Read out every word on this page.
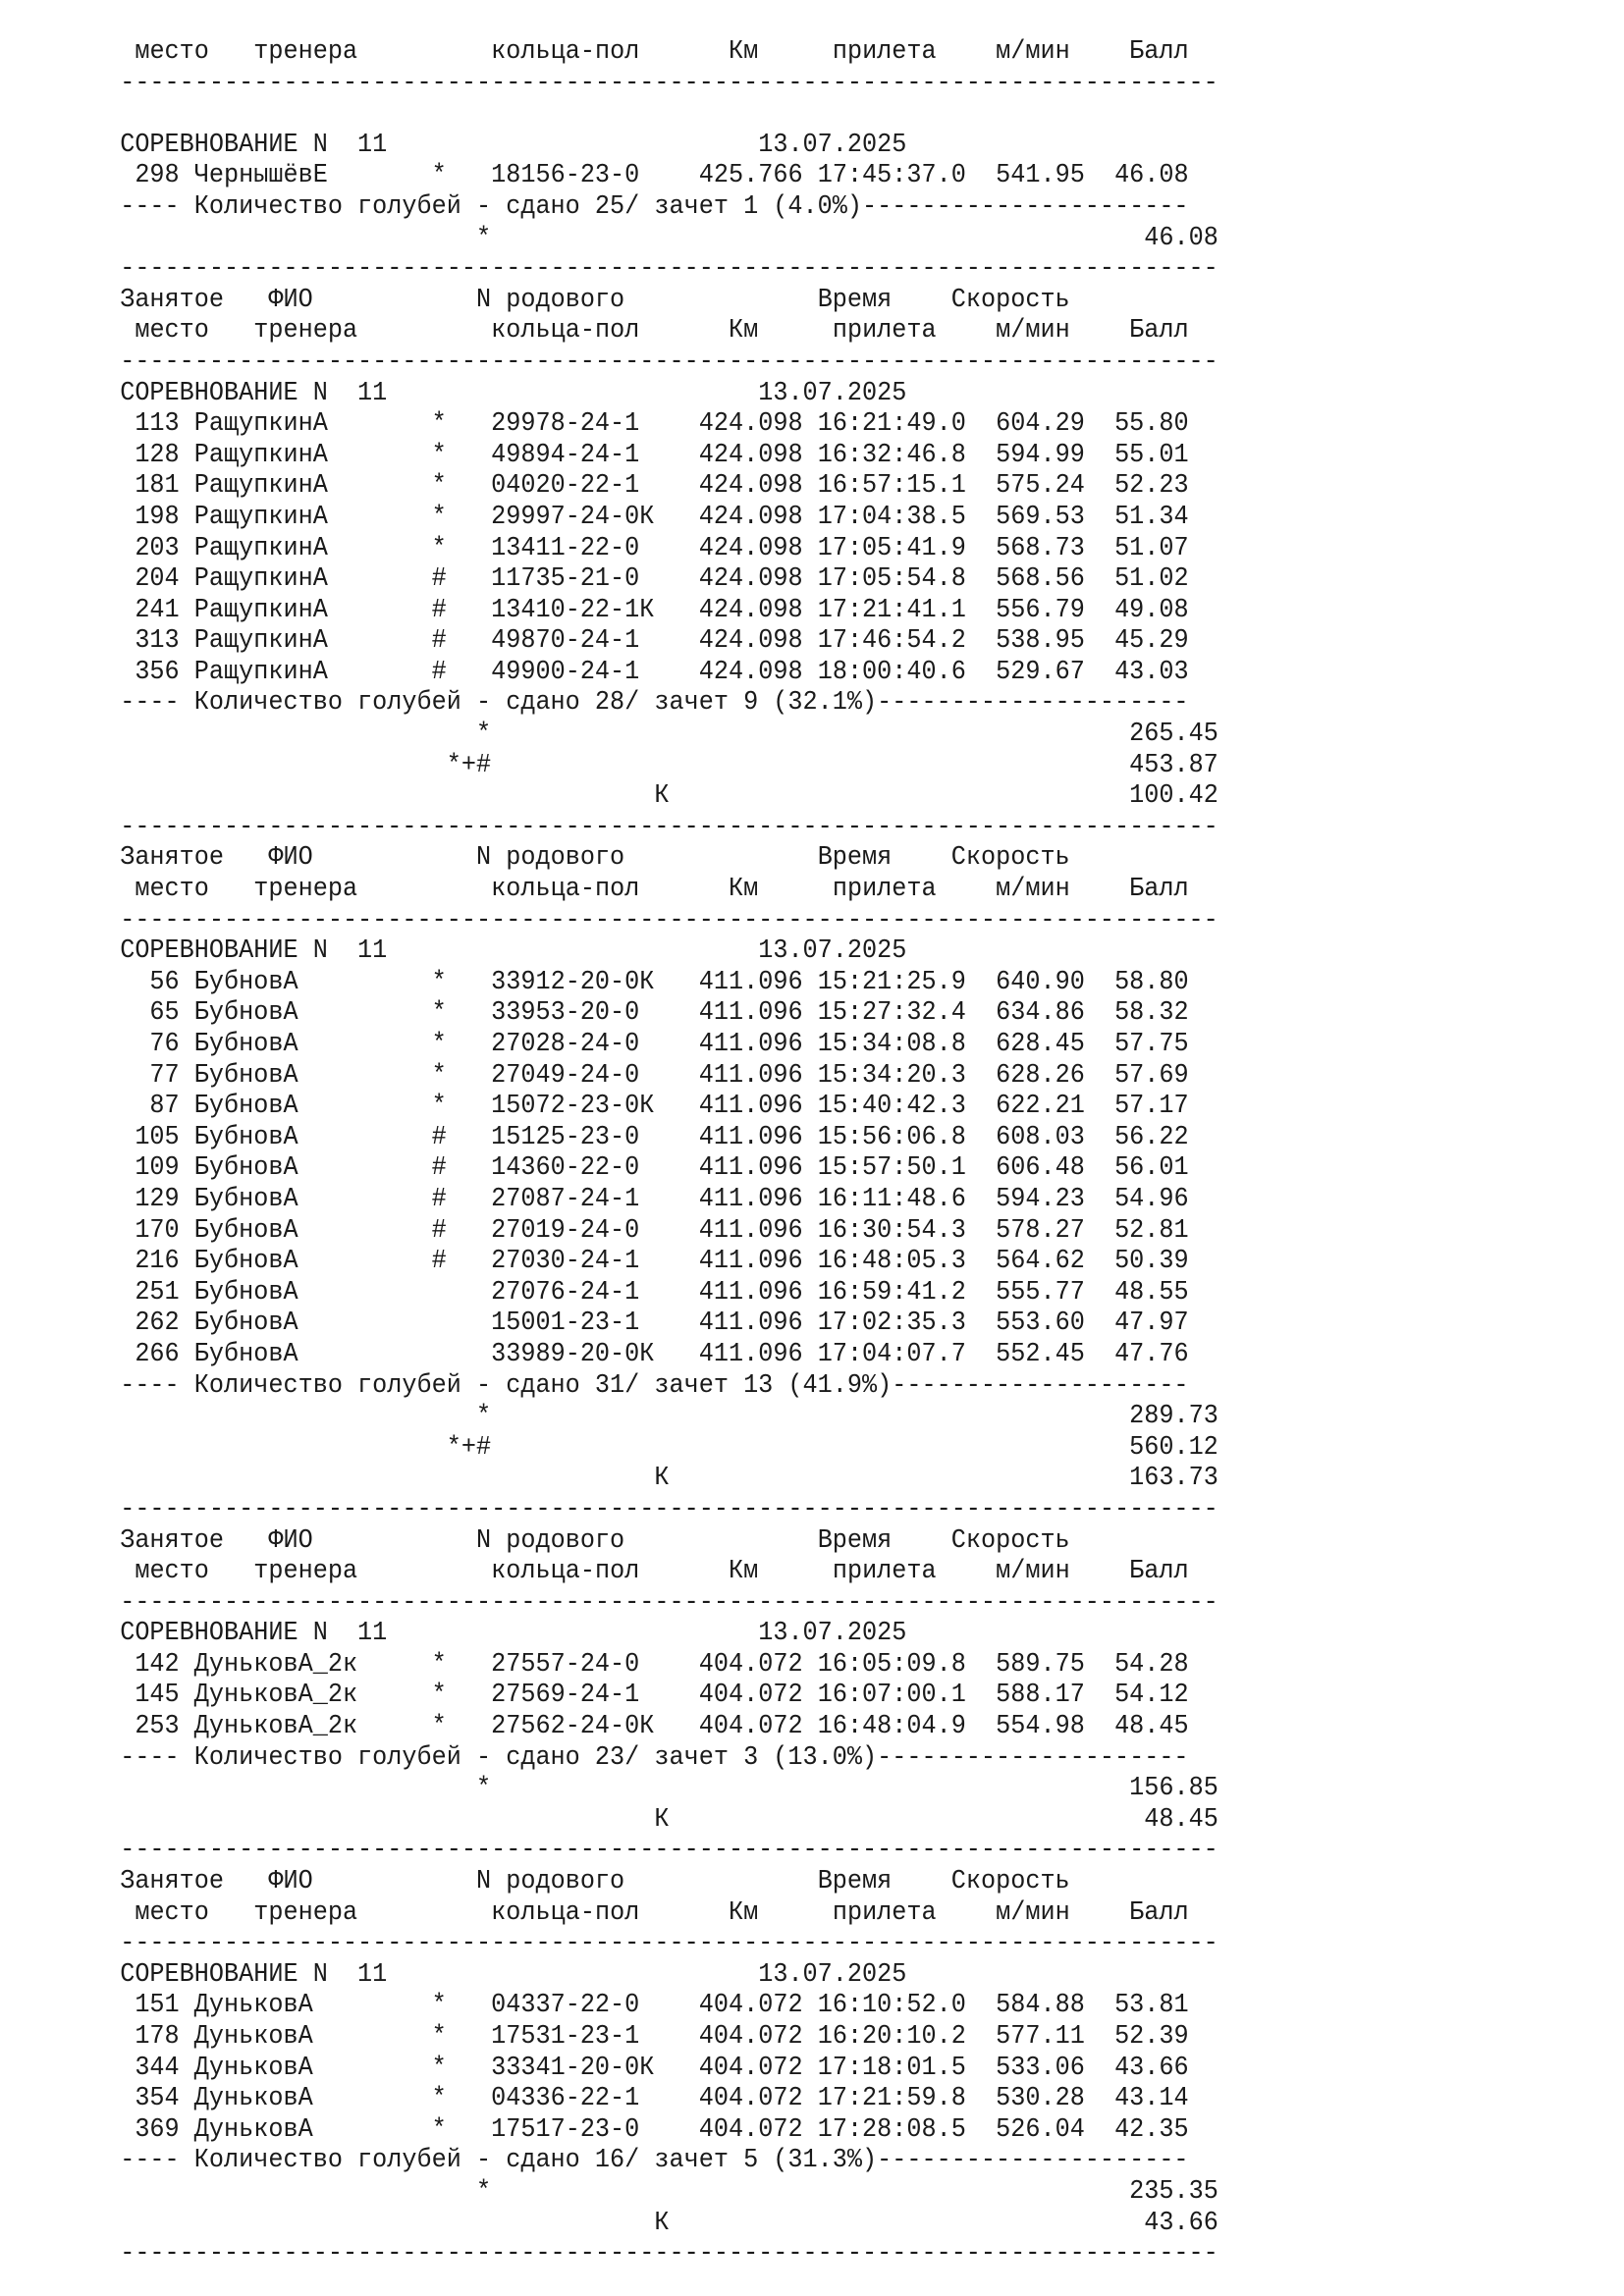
место тренера	кольца-пол	Км	прилета м/мин Балл
--------------------------------------------------------------------------
СОРЕВНОВАНИЕ N  11	13.07.2025
298 ЧернышёвЕ       *   18156-23-0    425.766 17:45:37.0 541.95 46.08
---- Количество голубей - сдано 25/ зачет 1 (4.0%)----------------------
*	46.08
--------------------------------------------------------------------------
Занятое ФИО	N родового	Время Скорость
место тренера	кольца-пол	Км	прилета м/мин Балл
--------------------------------------------------------------------------
СОРЕВНОВАНИЕ N  11	13.07.2025
113 РащупкинА       *   29978-24-1    424.098 16:21:49.0 604.29 55.80
128 РащупкинА       *   49894-24-1    424.098 16:32:46.8 594.99 55.01
181 РащупкинА       *   04020-22-1    424.098 16:57:15.1 575.24 52.23
198 РащупкинА       *   29997-24-0К   424.098 17:04:38.5 569.53 51.34
203 РащупкинА       *   13411-22-0    424.098 17:05:41.9 568.73 51.07
204 РащупкинА       #   11735-21-0    424.098 17:05:54.8 568.56 51.02
241 РащупкинА       #   13410-22-1К   424.098 17:21:41.1 556.79 49.08
313 РащупкинА       #   49870-24-1    424.098 17:46:54.2 538.95 45.29
356 РащупкинА       #   49900-24-1    424.098 18:00:40.6 529.67 43.03
---- Количество голубей - сдано 28/ зачет 9 (32.1%)---------------------
*	265.45
*+#	453.87
К	100.42
--------------------------------------------------------------------------
Занятое ФИО	N родового	Время Скорость
место тренера	кольца-пол	Км	прилета м/мин Балл
--------------------------------------------------------------------------
СОРЕВНОВАНИЕ N  11	13.07.2025
56 БубновА         *   33912-20-0К   411.096 15:21:25.9 640.90 58.80
65 БубновА         *   33953-20-0    411.096 15:27:32.4 634.86 58.32
76 БубновА         *   27028-24-0    411.096 15:34:08.8 628.45 57.75
77 БубновА         *   27049-24-0    411.096 15:34:20.3 628.26 57.69
87 БубновА         *   15072-23-0К   411.096 15:40:42.3 622.21 57.17
105 БубновА         #   15125-23-0    411.096 15:56:06.8 608.03 56.22
109 БубновА         #   14360-22-0    411.096 15:57:50.1 606.48 56.01
129 БубновА         #   27087-24-1    411.096 16:11:48.6 594.23 54.96
170 БубновА         #   27019-24-0    411.096 16:30:54.3 578.27 52.81
216 БубновА         #   27030-24-1    411.096 16:48:05.3 564.62 50.39
251 БубновА             27076-24-1    411.096 16:59:41.2 555.77 48.55
262 БубновА             15001-23-1    411.096 17:02:35.3 553.60 47.97
266 БубновА             33989-20-0К   411.096 17:04:07.7 552.45 47.76
---- Количество голубей - сдано 31/ зачет 13 (41.9%)--------------------
*	289.73
*+#	560.12
К	163.73
--------------------------------------------------------------------------
Занятое ФИО	N родового	Время Скорость
место тренера	кольца-пол	Км	прилета м/мин Балл
--------------------------------------------------------------------------
СОРЕВНОВАНИЕ N  11	13.07.2025
142 ДуньковА_2к     *   27557-24-0    404.072 16:05:09.8 589.75 54.28
145 ДуньковА_2к     *   27569-24-1    404.072 16:07:00.1 588.17 54.12
253 ДуньковА_2к     *   27562-24-0К   404.072 16:48:04.9 554.98 48.45
---- Количество голубей - сдано 23/ зачет 3 (13.0%)---------------------
*	156.85
К	48.45
--------------------------------------------------------------------------
Занятое ФИО	N родового	Время Скорость
место тренера	кольца-пол	Км	прилета м/мин Балл
--------------------------------------------------------------------------
СОРЕВНОВАНИЕ N  11	13.07.2025
151 ДуньковА        *   04337-22-0    404.072 16:10:52.0 584.88 53.81
178 ДуньковА        *   17531-23-1    404.072 16:20:10.2 577.11 52.39
344 ДуньковА        *   33341-20-0К   404.072 17:18:01.5 533.06 43.66
354 ДуньковА        *   04336-22-1    404.072 17:21:59.8 530.28 43.14
369 ДуньковА        *   17517-23-0    404.072 17:28:08.5 526.04 42.35
---- Количество голубей - сдано 16/ зачет 5 (31.3%)---------------------
*	235.35
К	43.66
--------------------------------------------------------------------------
